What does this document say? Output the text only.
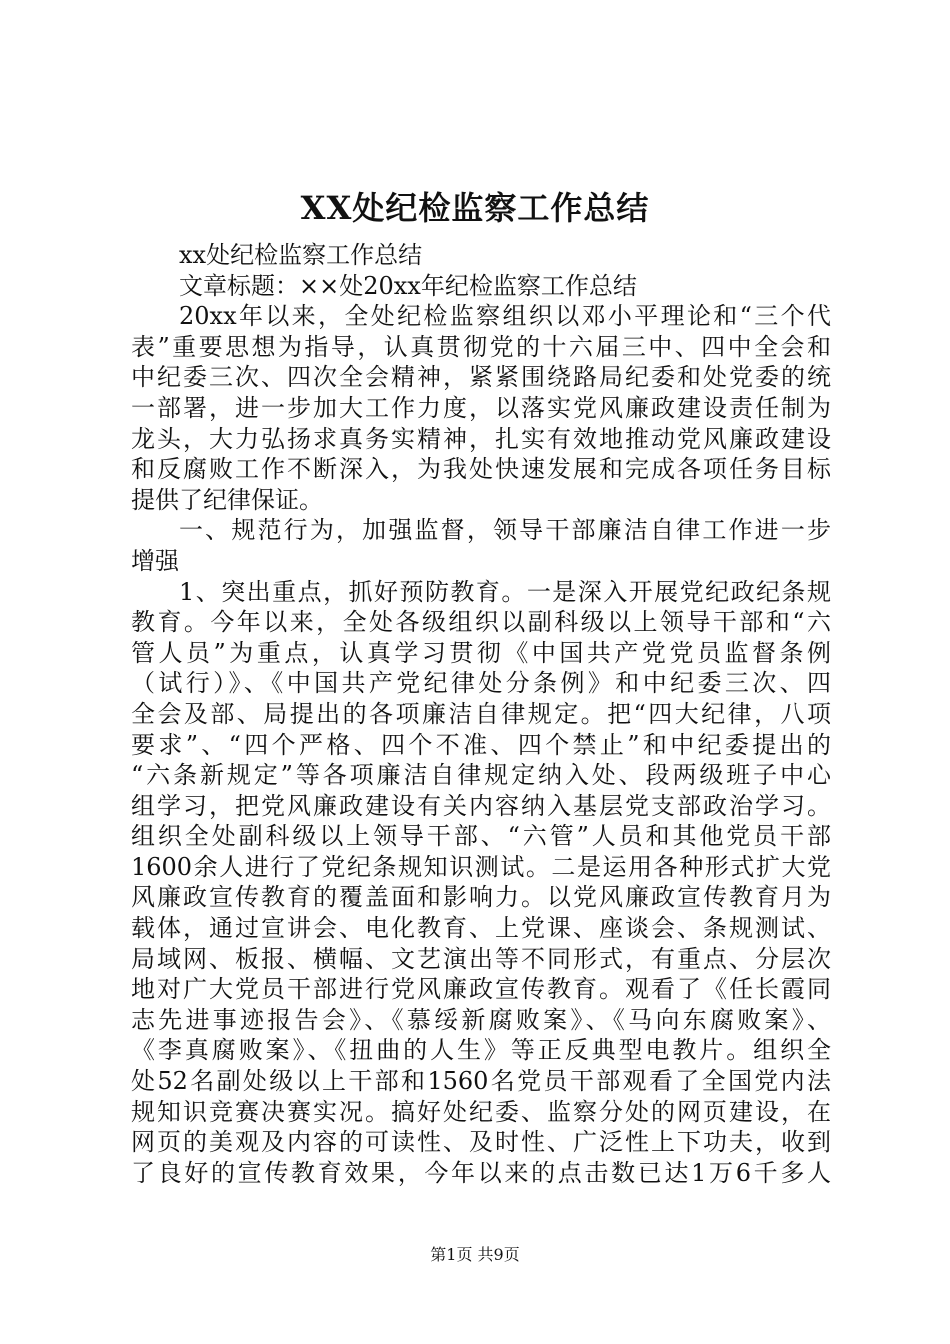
XX处纪检监察工作总结
xx处纪检监察工作总结
文章标题：××处20xx年纪检监察工作总结
20xx年以来，全处纪检监察组织以邓小平理论和“三个代
表”重要思想为指导，认真贯彻党的十六届三中、四中全会和
中纪委三次、四次全会精神，紧紧围绕路局纪委和处党委的统
一部署，进一步加大工作力度，以落实党风廉政建设责任制为
龙头，大力弘扬求真务实精神，扎实有效地推动党风廉政建设
和反腐败工作不断深入，为我处快速发展和完成各项任务目标
提供了纪律保证。
一、规范行为，加强监督，领导干部廉洁自律工作进一步
增强
1、突出重点，抓好预防教育。一是深入开展党纪政纪条规
教育。今年以来，全处各级组织以副科级以上领导干部和“六
管人员”为重点，认真学习贯彻《中国共产党党员监督条例
（试行）》、《中国共产党纪律处分条例》和中纪委三次、四
全会及部、局提出的各项廉洁自律规定。把“四大纪律，八项
要求”、“四个严格、四个不准、四个禁止”和中纪委提出的
“六条新规定”等各项廉洁自律规定纳入处、段两级班子中心
组学习，把党风廉政建设有关内容纳入基层党支部政治学习。
组织全处副科级以上领导干部、“六管”人员和其他党员干部
1600余人进行了党纪条规知识测试。二是运用各种形式扩大党
风廉政宣传教育的覆盖面和影响力。以党风廉政宣传教育月为
载体，通过宣讲会、电化教育、上党课、座谈会、条规测试、
局域网、板报、横幅、文艺演出等不同形式，有重点、分层次
地对广大党员干部进行党风廉政宣传教育。观看了《任长霞同
志先进事迹报告会》、《慕绥新腐败案》、《马向东腐败案》、
《李真腐败案》、《扭曲的人生》等正反典型电教片。组织全
处52名副处级以上干部和1560名党员干部观看了全国党内法
规知识竞赛决赛实况。搞好处纪委、监察分处的网页建设，在
网页的美观及内容的可读性、及时性、广泛性上下功夫，收到
了良好的宣传教育效果，今年以来的点击数已达1万6千多人
第1页 共9页
